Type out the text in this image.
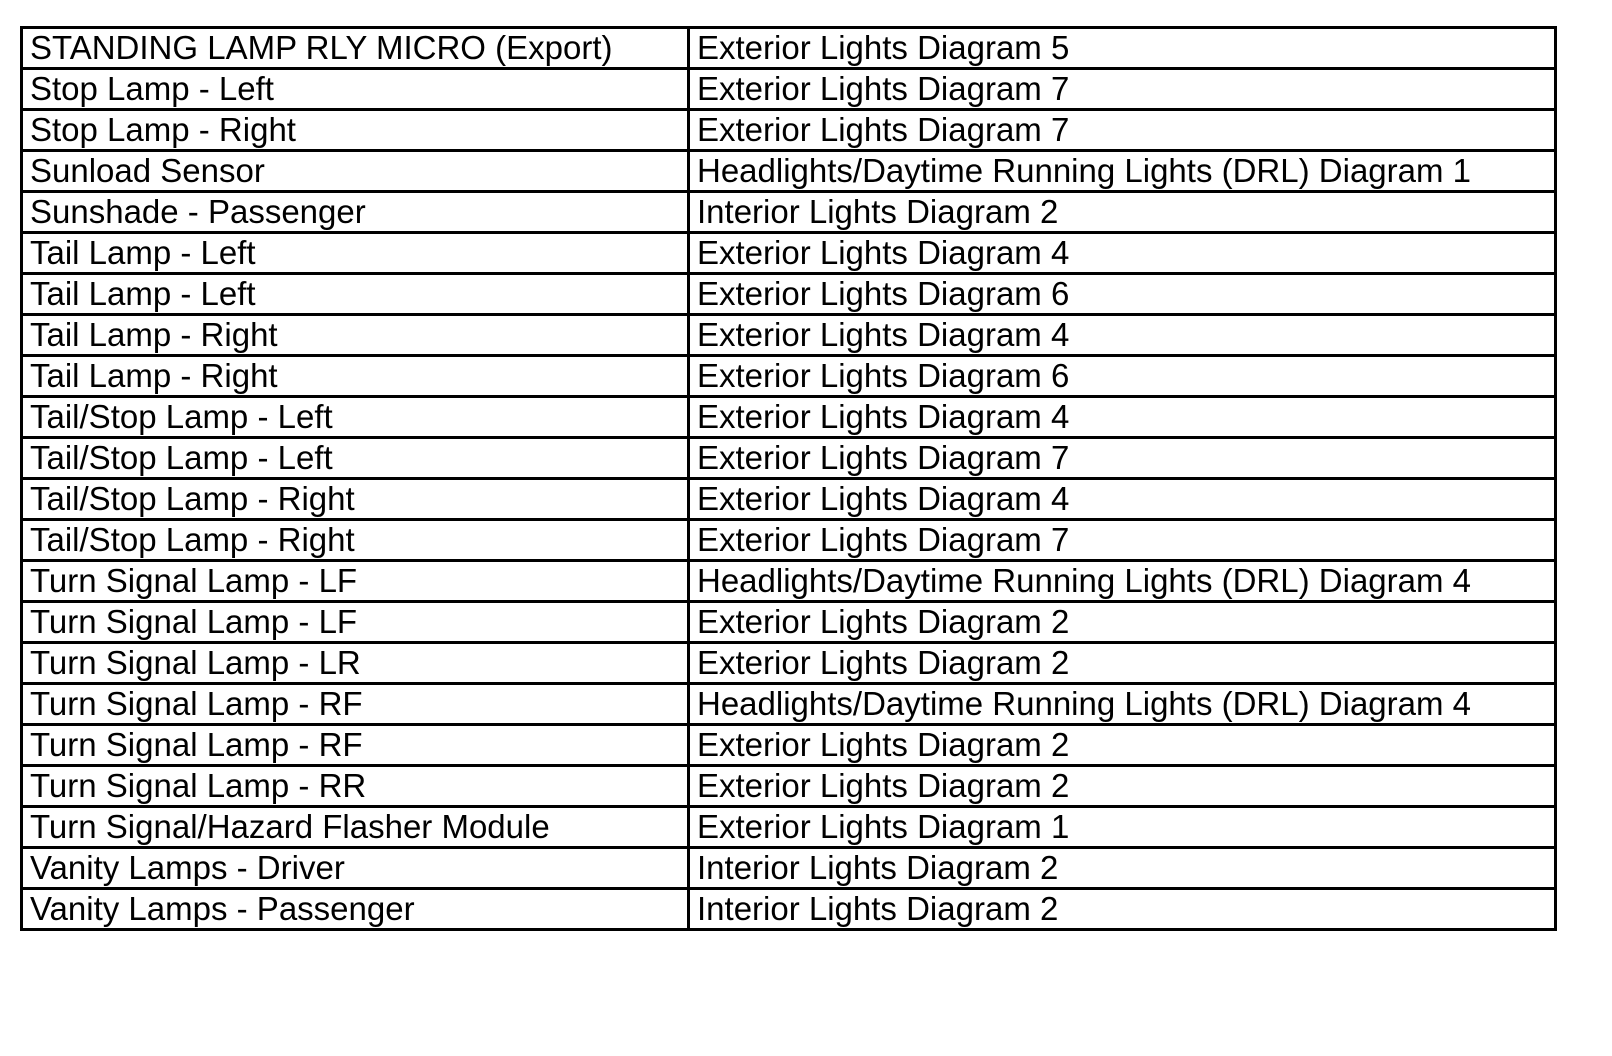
STANDING LAMP RLY MICRO (Export)	Exterior Lights Diagram 5
Stop Lamp - Left	Exterior Lights Diagram 7
Stop Lamp - Right	Exterior Lights Diagram 7
Sunload Sensor	Headlights/Daytime Running Lights (DRL) Diagram 1
Sunshade - Passenger	Interior Lights Diagram 2
Tail Lamp - Left	Exterior Lights Diagram 4
Tail Lamp - Left	Exterior Lights Diagram 6
Tail Lamp - Right	Exterior Lights Diagram 4
Tail Lamp - Right	Exterior Lights Diagram 6
Tail/Stop Lamp - Left	Exterior Lights Diagram 4
Tail/Stop Lamp - Left	Exterior Lights Diagram 7
Tail/Stop Lamp - Right	Exterior Lights Diagram 4
Tail/Stop Lamp - Right	Exterior Lights Diagram 7
Turn Signal Lamp - LF	Headlights/Daytime Running Lights (DRL) Diagram 4
Turn Signal Lamp - LF	Exterior Lights Diagram 2
Turn Signal Lamp - LR	Exterior Lights Diagram 2
Turn Signal Lamp - RF	Headlights/Daytime Running Lights (DRL) Diagram 4
Turn Signal Lamp - RF	Exterior Lights Diagram 2
Turn Signal Lamp - RR	Exterior Lights Diagram 2
Turn Signal/Hazard Flasher Module	Exterior Lights Diagram 1
Vanity Lamps - Driver	Interior Lights Diagram 2
Vanity Lamps - Passenger	Interior Lights Diagram 2
